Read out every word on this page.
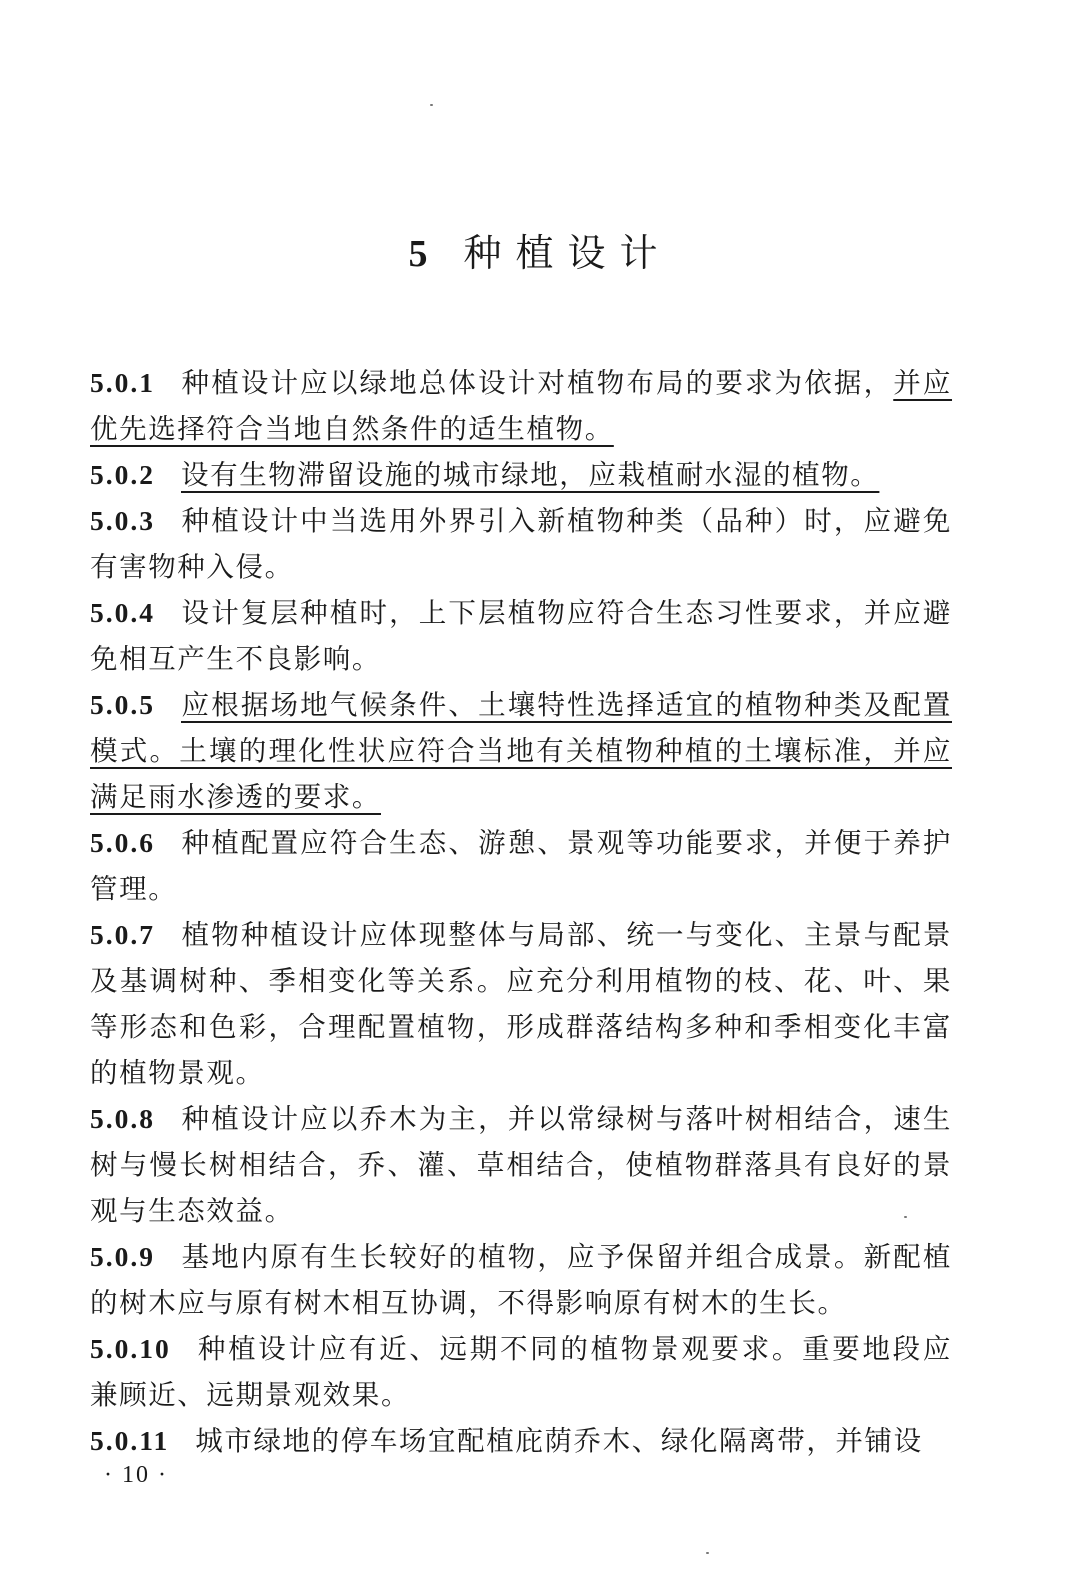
5 种植设计

5.0.1 种植设计应以绿地总体设计对植物布局的要求为依据，并应优先选择符合当地自然条件的适生植物。

5.0.2 设有生物滞留设施的城市绿地，应栽植耐水湿的植物。

5.0.3 种植设计中当选用外界引入新植物种类（品种）时，应避免有害物种入侵。

5.0.4 设计复层种植时，上下层植物应符合生态习性要求，并应避免相互产生不良影响。

5.0.5 应根据场地气候条件、土壤特性选择适宜的植物种类及配置模式。土壤的理化性状应符合当地有关植物种植的土壤标准，并应满足雨水渗透的要求。

5.0.6 种植配置应符合生态、游憩、景观等功能要求，并便于养护管理。

5.0.7 植物种植设计应体现整体与局部、统一与变化、主景与配景及基调树种、季相变化等关系。应充分利用植物的枝、花、叶、果等形态和色彩，合理配置植物，形成群落结构多种和季相变化丰富的植物景观。

5.0.8 种植设计应以乔木为主，并以常绿树与落叶树相结合，速生树与慢长树相结合，乔、灌、草相结合，使植物群落具有良好的景观与生态效益。

5.0.9 基地内原有生长较好的植物，应予保留并组合成景。新配植的树木应与原有树木相互协调，不得影响原有树木的生长。

5.0.10 种植设计应有近、远期不同的植物景观要求。重要地段应兼顾近、远期景观效果。

5.0.11 城市绿地的停车场宜配植庇荫乔木、绿化隔离带，并铺设

· 10 ·
